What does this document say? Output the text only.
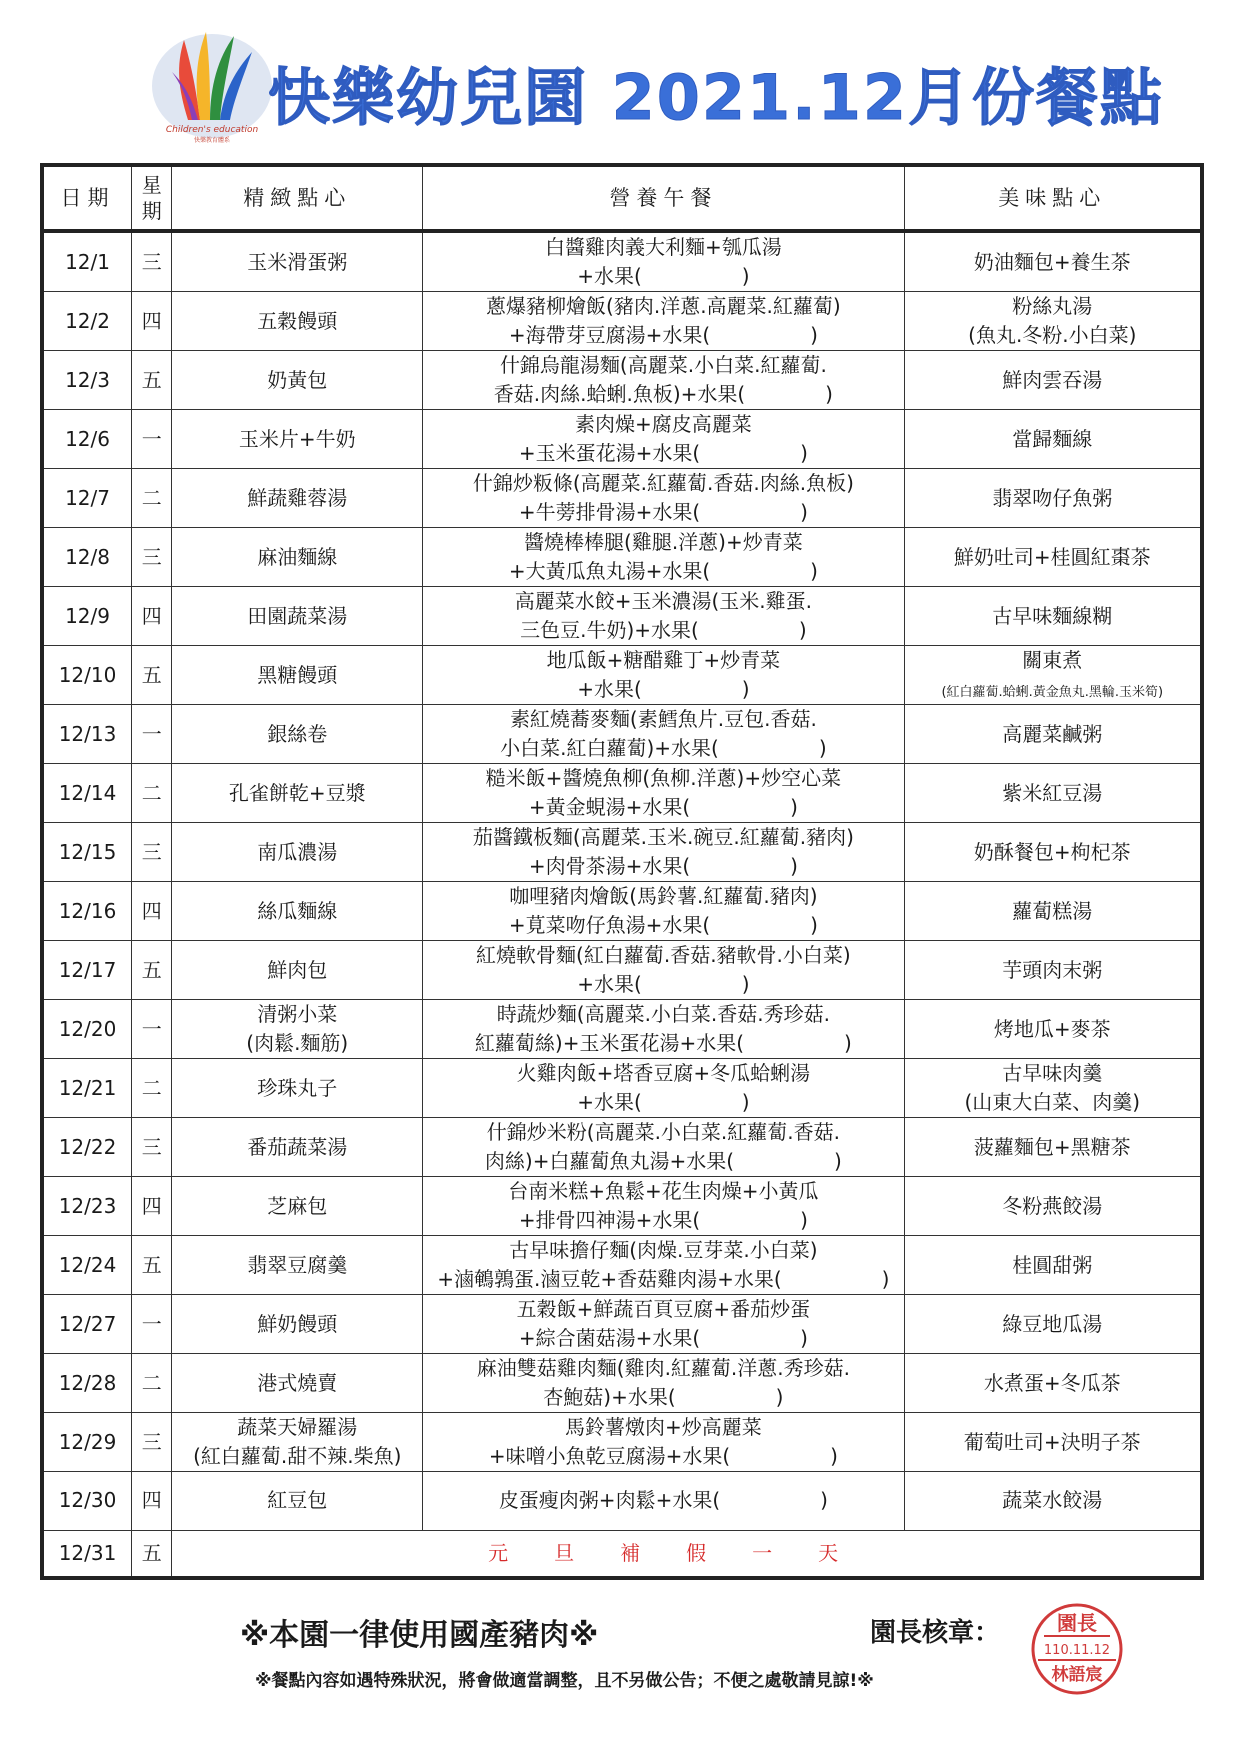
Children's education
快樂教育體系
快樂幼兒園 2021.12月份餐點
日期	星
期	精緻點心	營養午餐	美味點心
12/1	三	玉米滑蛋粥	白醬雞肉義大利麵+瓠瓜湯
+水果(　　　　　)	奶油麵包+養生茶
12/2	四	五穀饅頭	蔥爆豬柳燴飯(豬肉.洋蔥.高麗菜.紅蘿蔔)
+海帶芽豆腐湯+水果(　　　　　)	粉絲丸湯
(魚丸.冬粉.小白菜)
12/3	五	奶黃包	什錦烏龍湯麵(高麗菜.小白菜.紅蘿蔔.
香菇.肉絲.蛤蜊.魚板)+水果(　　　　)	鮮肉雲吞湯
12/6	一	玉米片+牛奶	素肉燥+腐皮高麗菜
+玉米蛋花湯+水果(　　　　　)	當歸麵線
12/7	二	鮮蔬雞蓉湯	什錦炒粄條(高麗菜.紅蘿蔔.香菇.肉絲.魚板)
+牛蒡排骨湯+水果(　　　　　)	翡翠吻仔魚粥
12/8	三	麻油麵線	醬燒棒棒腿(雞腿.洋蔥)+炒青菜
+大黃瓜魚丸湯+水果(　　　　　)	鮮奶吐司+桂圓紅棗茶
12/9	四	田園蔬菜湯	高麗菜水餃+玉米濃湯(玉米.雞蛋.
三色豆.牛奶)+水果(　　　　　)	古早味麵線糊
12/10	五	黑糖饅頭	地瓜飯+糖醋雞丁+炒青菜
+水果(　　　　　)	關東煮
(紅白蘿蔔.蛤蜊.黃金魚丸.黑輪.玉米筍)
12/13	一	銀絲卷	素紅燒蕎麥麵(素鱈魚片.豆包.香菇.
小白菜.紅白蘿蔔)+水果(　　　　　)	高麗菜鹹粥
12/14	二	孔雀餅乾+豆漿	糙米飯+醬燒魚柳(魚柳.洋蔥)+炒空心菜
+黃金蜆湯+水果(　　　　　)	紫米紅豆湯
12/15	三	南瓜濃湯	茄醬鐵板麵(高麗菜.玉米.碗豆.紅蘿蔔.豬肉)
+肉骨茶湯+水果(　　　　　)	奶酥餐包+枸杞茶
12/16	四	絲瓜麵線	咖哩豬肉燴飯(馬鈴薯.紅蘿蔔.豬肉)
+莧菜吻仔魚湯+水果(　　　　　)	蘿蔔糕湯
12/17	五	鮮肉包	紅燒軟骨麵(紅白蘿蔔.香菇.豬軟骨.小白菜)
+水果(　　　　　)	芋頭肉末粥
12/20	一	清粥小菜
(肉鬆.麵筋)	時蔬炒麵(高麗菜.小白菜.香菇.秀珍菇.
紅蘿蔔絲)+玉米蛋花湯+水果(　　　　　)	烤地瓜+麥茶
12/21	二	珍珠丸子	火雞肉飯+塔香豆腐+冬瓜蛤蜊湯
+水果(　　　　　)	古早味肉羹
(山東大白菜、肉羹)
12/22	三	番茄蔬菜湯	什錦炒米粉(高麗菜.小白菜.紅蘿蔔.香菇.
肉絲)+白蘿蔔魚丸湯+水果(　　　　　)	菠蘿麵包+黑糖茶
12/23	四	芝麻包	台南米糕+魚鬆+花生肉燥+小黃瓜
+排骨四神湯+水果(　　　　　)	冬粉燕餃湯
12/24	五	翡翠豆腐羹	古早味擔仔麵(肉燥.豆芽菜.小白菜)
+滷鵪鶉蛋.滷豆乾+香菇雞肉湯+水果(　　　　　)	桂圓甜粥
12/27	一	鮮奶饅頭	五穀飯+鮮蔬百頁豆腐+番茄炒蛋
+綜合菌菇湯+水果(　　　　　)	綠豆地瓜湯
12/28	二	港式燒賣	麻油雙菇雞肉麵(雞肉.紅蘿蔔.洋蔥.秀珍菇.
杏鮑菇)+水果(　　　　　)	水煮蛋+冬瓜茶
12/29	三	蔬菜天婦羅湯
(紅白蘿蔔.甜不辣.柴魚)	馬鈴薯燉肉+炒高麗菜
+味噌小魚乾豆腐湯+水果(　　　　　)	葡萄吐司+決明子茶
12/30	四	紅豆包	皮蛋瘦肉粥+肉鬆+水果(　　　　　)	蔬菜水餃湯
12/31	五	元旦補假一天		
※本園一律使用國產豬肉※	園長核章：
※餐點內容如遇特殊狀況，將會做適當調整，且不另做公告；不便之處敬請見諒!※
園長
110.11.12
林語宸
